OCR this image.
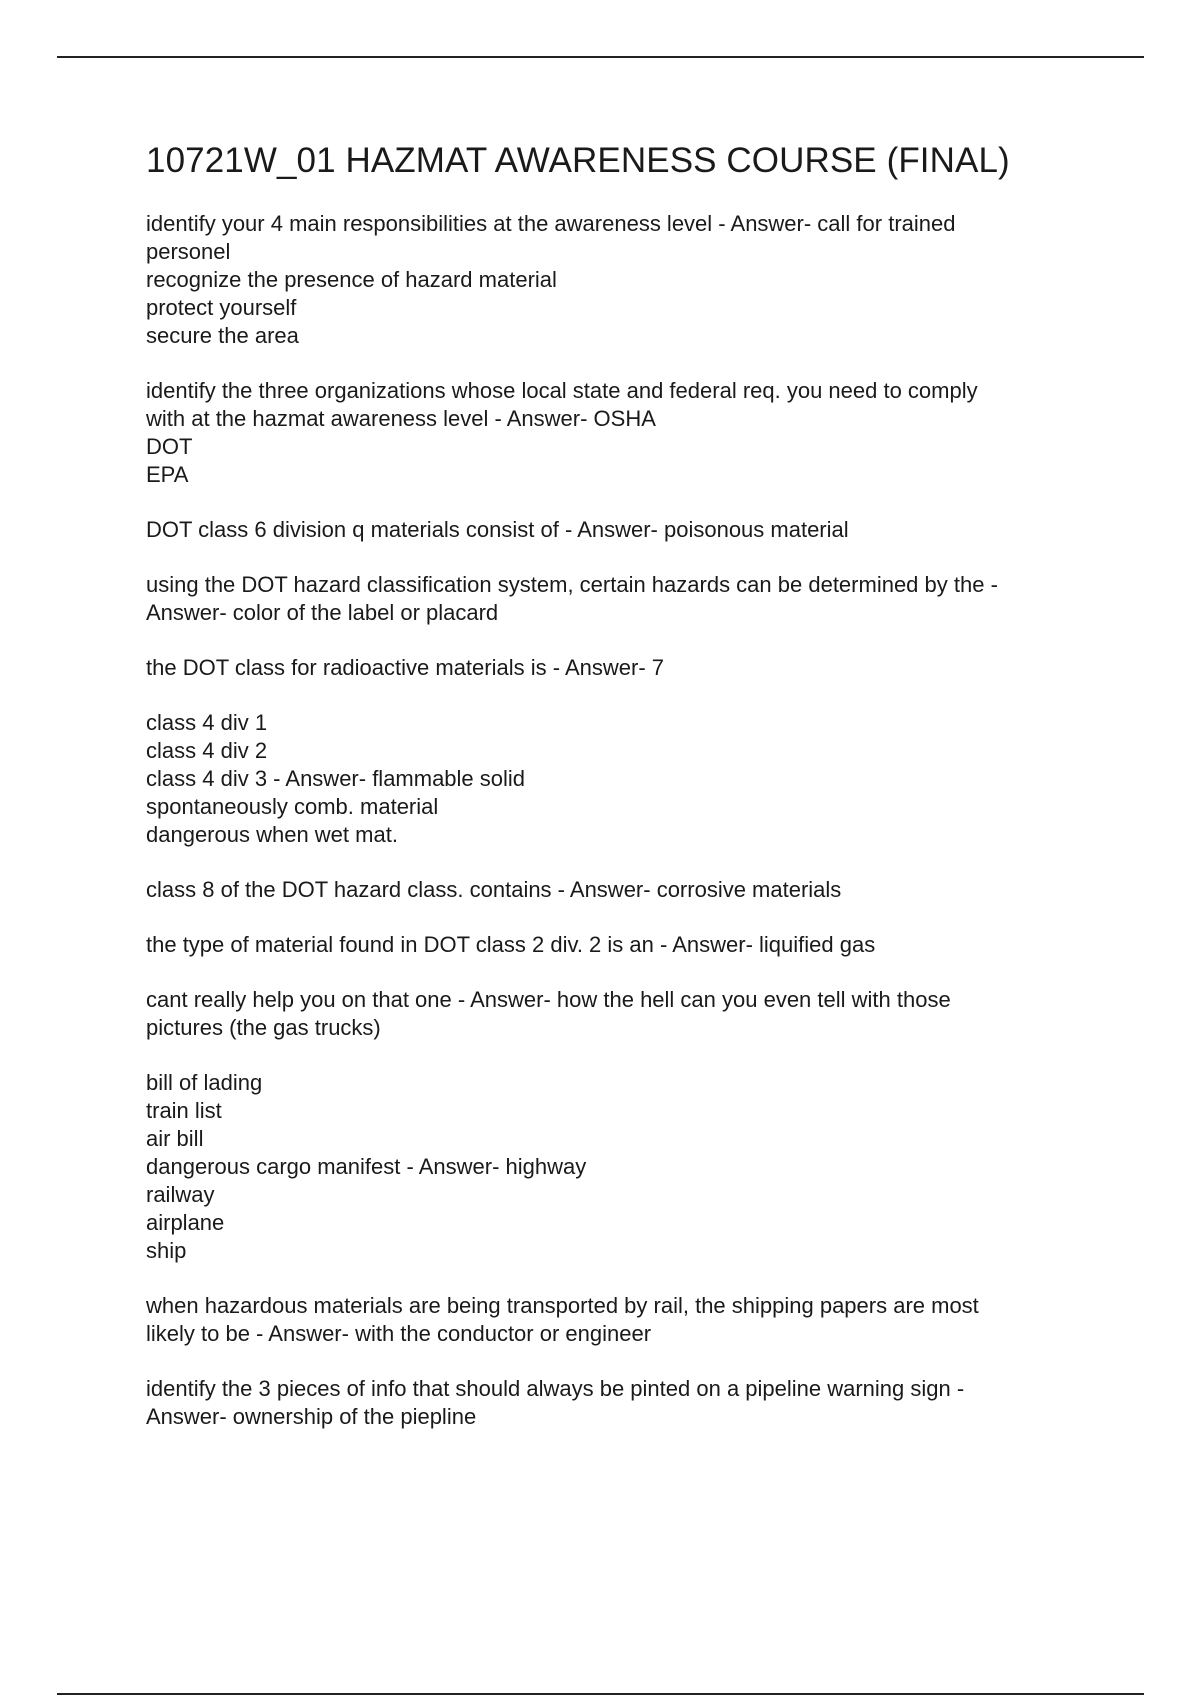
10721W_01 HAZMAT AWARENESS COURSE (FINAL)
identify your 4 main responsibilities at the awareness level - Answer- call for trained
personel
recognize the presence of hazard material
protect yourself
secure the area
identify the three organizations whose local state and federal req. you need to comply
with at the hazmat awareness level - Answer- OSHA
DOT
EPA
DOT class 6 division q materials consist of - Answer- poisonous material
using the DOT hazard classification system, certain hazards can be determined by the -
Answer- color of the label or placard
the DOT class for radioactive materials is - Answer- 7
class 4 div 1
class 4 div 2
class 4 div 3 - Answer- flammable solid
spontaneously comb. material
dangerous when wet mat.
class 8 of the DOT hazard class. contains - Answer- corrosive materials
the type of material found in DOT class 2 div. 2 is an - Answer- liquified gas
cant really help you on that one - Answer- how the hell can you even tell with those
pictures (the gas trucks)
bill of lading
train list
air bill
dangerous cargo manifest - Answer- highway
railway
airplane
ship
when hazardous materials are being transported by rail, the shipping papers are most
likely to be - Answer- with the conductor or engineer
identify the 3 pieces of info that should always be pinted on a pipeline warning sign -
Answer- ownership of the piepline
